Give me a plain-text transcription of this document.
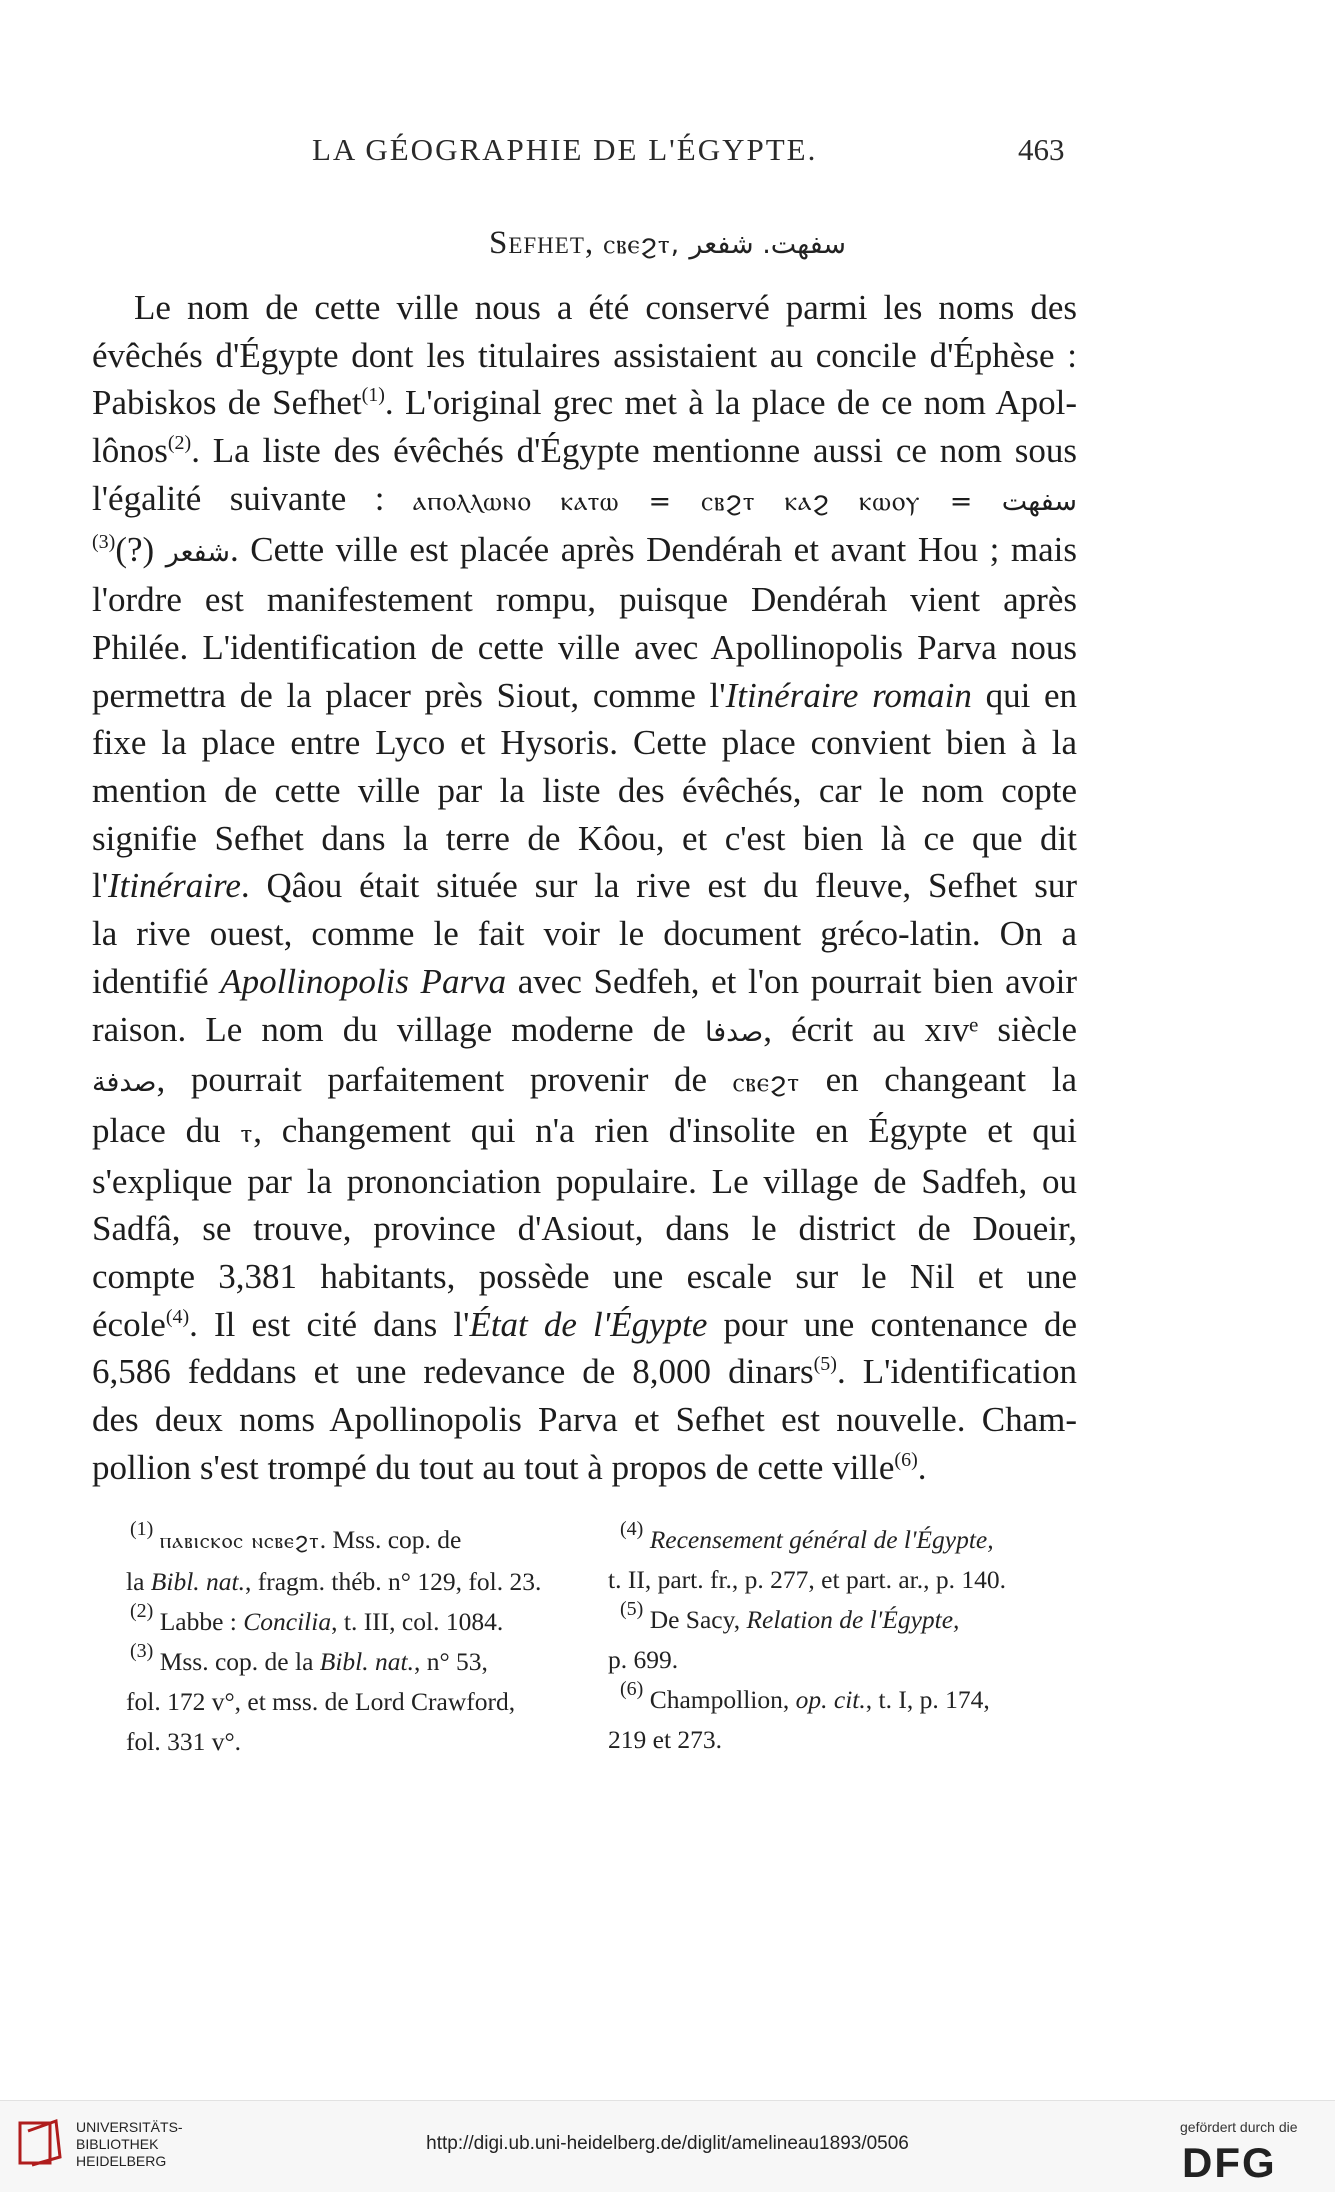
LA GÉOGRAPHIE DE L'ÉGYPTE.	463
Sefhet, ⲥⲃⲉϩⲧ, سفهت. شفعر
Le nom de cette ville nous a été conservé parmi les noms des
évêchés d'Égypte dont les titulaires assistaient au concile d'Éphèse :
Pabiskos de Sefhet$^{(1)}$. L'original grec met à la place de ce nom Apol-
lônos$^{(2)}$. La liste des évêchés d'Égypte mentionne aussi ce nom sous
l'égalité suivante : ⲁⲡⲟⲗⲗⲱⲛⲟ ⲕⲁⲧⲱ = ⲥⲃϩⲧ ⲕⲁϩ ⲕⲱⲟⲩ = سفهت
شفعر (?)$^{(3)}$	. Cette ville est placée après Dendérah et avant Hou ; mais
l'ordre est manifestement rompu, puisque Dendérah vient après
Philée. L'identification de cette ville avec Apollinopolis Parva nous
permettra de la placer près Siout, comme l'Itinéraire romain qui en
fixe la place entre Lyco et Hysoris. Cette place convient bien à la
mention de cette ville par la liste des évêchés, car le nom copte
signifie Sefhet dans la terre de Kôou, et c'est bien là ce que dit
l'Itinéraire. Qâou était située sur la rive est du fleuve, Sefhet sur
la rive ouest, comme le fait voir le document gréco-latin. On a
identifié Apollinopolis Parva avec Sedfeh, et l'on pourrait bien avoir
raison. Le nom du village moderne de صدفا, écrit au xɪvᵉ siècle
صدفة, pourrait parfaitement provenir de ⲥⲃⲉϩⲧ en changeant la
place du ⲧ, changement qui n'a rien d'insolite en Égypte et qui
s'explique par la prononciation populaire. Le village de Sadfeh, ou
Sadfâ, se trouve, province d'Asiout, dans le district de Doueir,
compte 3,381 habitants, possède une escale sur le Nil et une
école$^{(4)}$. Il est cité dans l'État de l'Égypte pour une contenance de
6,586 feddans et une redevance de 8,000 dinars$^{(5)}$. L'identification
des deux noms Apollinopolis Parva et Sefhet est nouvelle. Cham-
pollion s'est trompé du tout au tout à propos de cette ville$^{(6)}$.
$^{(1)}$ ⲡⲁⲃⲓⲥⲕⲟⲥ ⲛⲥⲃⲉϩⲧ. Mss. cop. de
la Bibl. nat., fragm. théb. n° 129, fol. 23.
$^{(2)}$ Labbe : Concilia, t. III, col. 1084.
$^{(3)}$ Mss. cop. de la Bibl. nat., n° 53,
fol. 172 v°, et mss. de Lord Crawford,
fol. 331 v°.
$^{(4)}$ Recensement général de l'Égypte,
t. II, part. fr., p. 277, et part. ar., p. 140.
$^{(5)}$ De Sacy, Relation de l'Égypte,
p. 699.
$^{(6)}$ Champollion, op. cit., t. I, p. 174,
219 et 273.
UNIVERSITÄTS-
BIBLIOTHEK
HEIDELBERG
http://digi.ub.uni-heidelberg.de/diglit/amelineau1893/0506
gefördert durch die
DFG
